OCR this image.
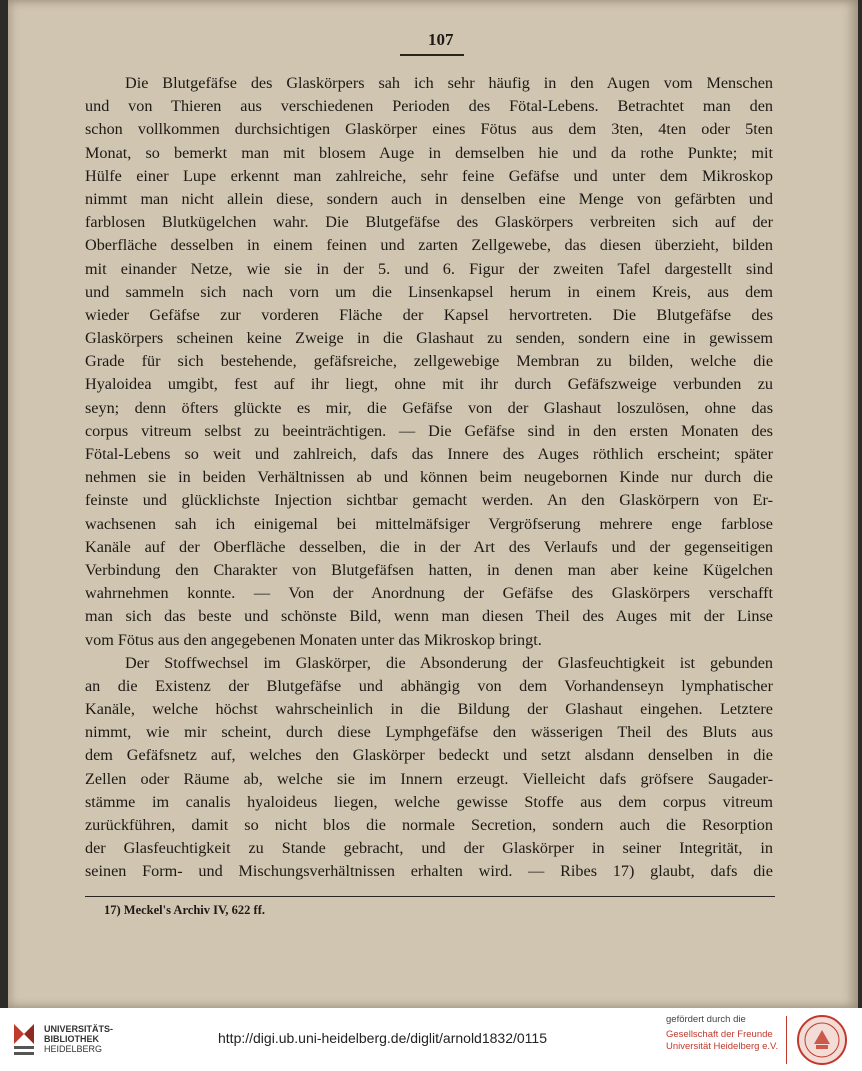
107
Die Blutgefäfse des Glaskörpers sah ich sehr häufig in den Augen vom Menschen
und von Thieren aus verschiedenen Perioden des Fötal-Lebens. Betrachtet man den
schon vollkommen durchsichtigen Glaskörper eines Fötus aus dem 3ten, 4ten oder 5ten
Monat, so bemerkt man mit blosem Auge in demselben hie und da rothe Punkte; mit
Hülfe einer Lupe erkennt man zahlreiche, sehr feine Gefäfse und unter dem Mikroskop
nimmt man nicht allein diese, sondern auch in denselben eine Menge von gefärbten und
farblosen Blutkügelchen wahr. Die Blutgefäfse des Glaskörpers verbreiten sich auf der
Oberfläche desselben in einem feinen und zarten Zellgewebe, das diesen überzieht, bilden
mit einander Netze, wie sie in der 5. und 6. Figur der zweiten Tafel dargestellt sind
und sammeln sich nach vorn um die Linsenkapsel herum in einem Kreis, aus dem
wieder Gefäfse zur vorderen Fläche der Kapsel hervortreten. Die Blutgefäfse des
Glaskörpers scheinen keine Zweige in die Glashaut zu senden, sondern eine in gewissem
Grade für sich bestehende, gefäfsreiche, zellgewebige Membran zu bilden, welche die
Hyaloidea umgibt, fest auf ihr liegt, ohne mit ihr durch Gefäfszweige verbunden zu
seyn; denn öfters glückte es mir, die Gefäfse von der Glashaut loszulösen, ohne das
corpus vitreum selbst zu beeinträchtigen. — Die Gefäfse sind in den ersten Monaten des
Fötal-Lebens so weit und zahlreich, dafs das Innere des Auges röthlich erscheint; später
nehmen sie in beiden Verhältnissen ab und können beim neugebornen Kinde nur durch die
feinste und glücklichste Injection sichtbar gemacht werden. An den Glaskörpern von Er-
wachsenen sah ich einigemal bei mittelmäfsiger Vergröfserung mehrere enge farblose
Kanäle auf der Oberfläche desselben, die in der Art des Verlaufs und der gegenseitigen
Verbindung den Charakter von Blutgefäfsen hatten, in denen man aber keine Kügelchen
wahrnehmen konnte. — Von der Anordnung der Gefäfse des Glaskörpers verschafft
man sich das beste und schönste Bild, wenn man diesen Theil des Auges mit der Linse
vom Fötus aus den angegebenen Monaten unter das Mikroskop bringt.
Der Stoffwechsel im Glaskörper, die Absonderung der Glasfeuchtigkeit ist gebunden
an die Existenz der Blutgefäfse und abhängig von dem Vorhandenseyn lymphatischer
Kanäle, welche höchst wahrscheinlich in die Bildung der Glashaut eingehen. Letztere
nimmt, wie mir scheint, durch diese Lymphgefäfse den wässerigen Theil des Bluts aus
dem Gefäfsnetz auf, welches den Glaskörper bedeckt und setzt alsdann denselben in die
Zellen oder Räume ab, welche sie im Innern erzeugt. Vielleicht dafs gröfsere Saugader-
stämme im canalis hyaloideus liegen, welche gewisse Stoffe aus dem corpus vitreum
zurückführen, damit so nicht blos die normale Secretion, sondern auch die Resorption
der Glasfeuchtigkeit zu Stande gebracht, und der Glaskörper in seiner Integrität, in
seinen Form- und Mischungsverhältnissen erhalten wird. — Ribes 17) glaubt, dafs die
17) Meckel's Archiv IV, 622 ff.
UNIVERSITÄTS-
BIBLIOTHEK
HEIDELBERG
http://digi.ub.uni-heidelberg.de/diglit/arnold1832/0115
gefördert durch die
Gesellschaft der Freunde
Universität Heidelberg e.V.
